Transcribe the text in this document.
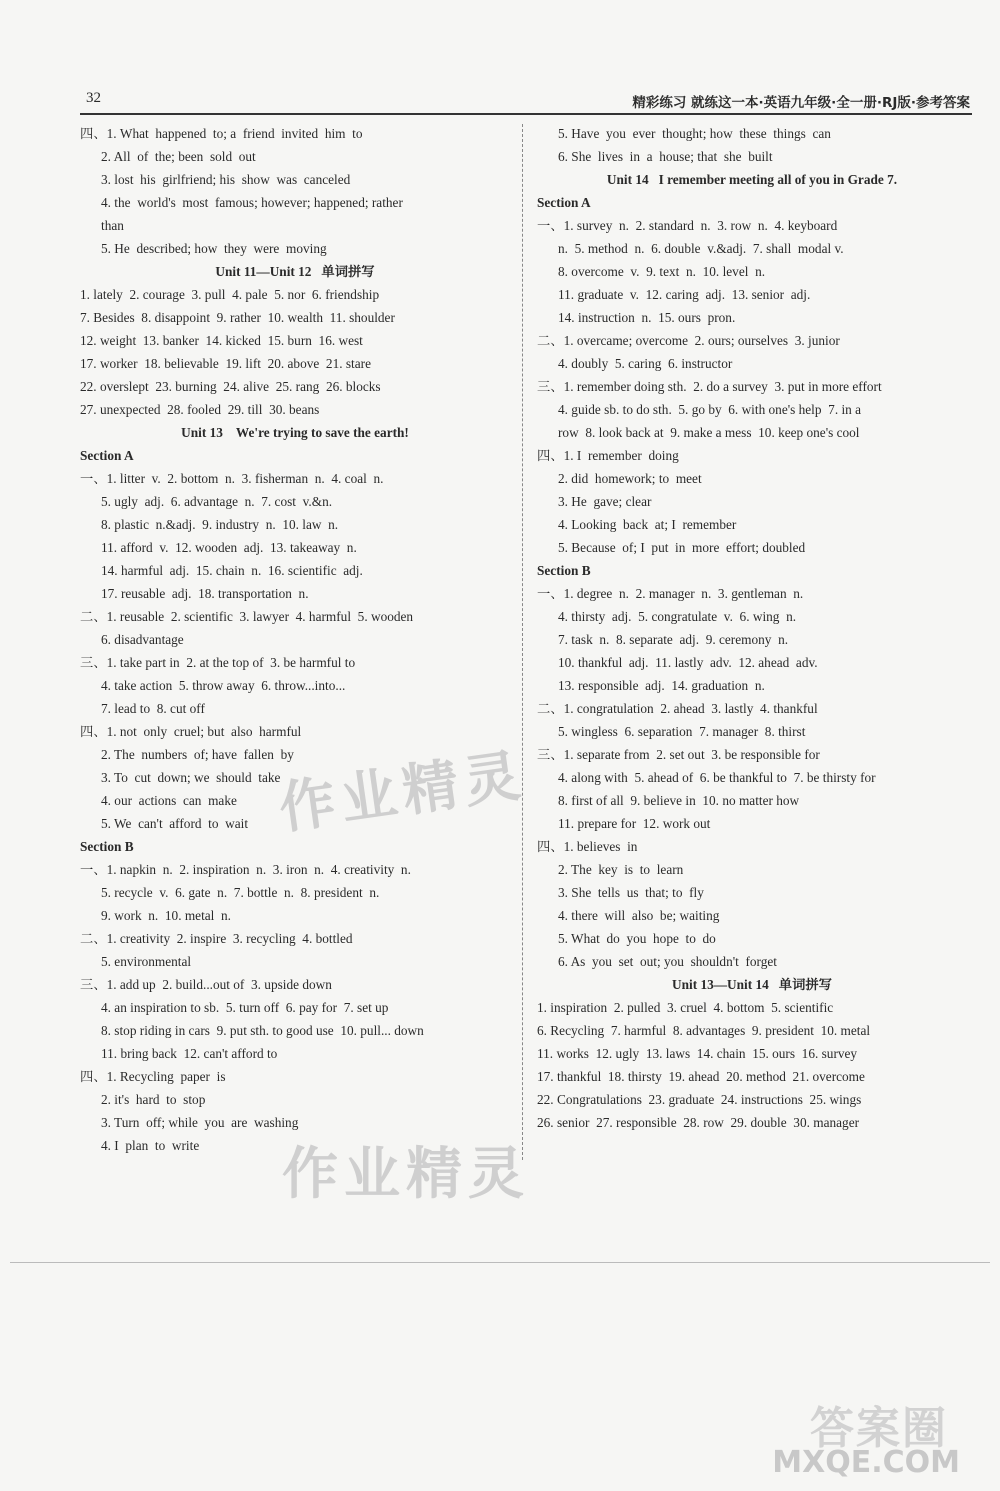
32	精彩练习 就练这一本·英语九年级·全一册·RJ版·参考答案
四、1. What  happened  to; a  friend  invited  him  to
2. All  of  the; been  sold  out
3. lost  his  girlfriend; his  show  was  canceled
4. the  world's  most  famous; however; happened; rather
than
5. He  described; how  they  were  moving
Unit 11—Unit 12   单词拼写
1. lately  2. courage  3. pull  4. pale  5. nor  6. friendship
7. Besides  8. disappoint  9. rather  10. wealth  11. shoulder
12. weight  13. banker  14. kicked  15. burn  16. west
17. worker  18. believable  19. lift  20. above  21. stare
22. overslept  23. burning  24. alive  25. rang  26. blocks
27. unexpected  28. fooled  29. till  30. beans
Unit 13    We're trying to save the earth!
Section A
一、1. litter  v.  2. bottom  n.  3. fisherman  n.  4. coal  n.
5. ugly  adj.  6. advantage  n.  7. cost  v.&n.
8. plastic  n.&adj.  9. industry  n.  10. law  n.
11. afford  v.  12. wooden  adj.  13. takeaway  n.
14. harmful  adj.  15. chain  n.  16. scientific  adj.
17. reusable  adj.  18. transportation  n.
二、1. reusable  2. scientific  3. lawyer  4. harmful  5. wooden
6. disadvantage
三、1. take part in  2. at the top of  3. be harmful to
4. take action  5. throw away  6. throw...into...
7. lead to  8. cut off
四、1. not  only  cruel; but  also  harmful
2. The  numbers  of; have  fallen  by
3. To  cut  down; we  should  take
4. our  actions  can  make
5. We  can't  afford  to  wait
Section B
一、1. napkin  n.  2. inspiration  n.  3. iron  n.  4. creativity  n.
5. recycle  v.  6. gate  n.  7. bottle  n.  8. president  n.
9. work  n.  10. metal  n.
二、1. creativity  2. inspire  3. recycling  4. bottled
5. environmental
三、1. add up  2. build...out of  3. upside down
4. an inspiration to sb.  5. turn off  6. pay for  7. set up
8. stop riding in cars  9. put sth. to good use  10. pull... down
11. bring back  12. can't afford to
四、1. Recycling  paper  is
2. it's  hard  to  stop
3. Turn  off; while  you  are  washing
4. I  plan  to  write
5. Have  you  ever  thought; how  these  things  can
6. She  lives  in  a  house; that  she  built
Unit 14   I remember meeting all of you in Grade 7.
Section A
一、1. survey  n.  2. standard  n.  3. row  n.  4. keyboard
n.  5. method  n.  6. double  v.&adj.  7. shall  modal v.
8. overcome  v.  9. text  n.  10. level  n.
11. graduate  v.  12. caring  adj.  13. senior  adj.
14. instruction  n.  15. ours  pron.
二、1. overcame; overcome  2. ours; ourselves  3. junior
4. doubly  5. caring  6. instructor
三、1. remember doing sth.  2. do a survey  3. put in more effort
4. guide sb. to do sth.  5. go by  6. with one's help  7. in a
row  8. look back at  9. make a mess  10. keep one's cool
四、1. I  remember  doing
2. did  homework; to  meet
3. He  gave; clear
4. Looking  back  at; I  remember
5. Because  of; I  put  in  more  effort; doubled
Section B
一、1. degree  n.  2. manager  n.  3. gentleman  n.
4. thirsty  adj.  5. congratulate  v.  6. wing  n.
7. task  n.  8. separate  adj.  9. ceremony  n.
10. thankful  adj.  11. lastly  adv.  12. ahead  adv.
13. responsible  adj.  14. graduation  n.
二、1. congratulation  2. ahead  3. lastly  4. thankful
5. wingless  6. separation  7. manager  8. thirst
三、1. separate from  2. set out  3. be responsible for
4. along with  5. ahead of  6. be thankful to  7. be thirsty for
8. first of all  9. believe in  10. no matter how
11. prepare for  12. work out
四、1. believes  in
2. The  key  is  to  learn
3. She  tells  us  that; to  fly
4. there  will  also  be; waiting
5. What  do  you  hope  to  do
6. As  you  set  out; you  shouldn't  forget
Unit 13—Unit 14   单词拼写
1. inspiration  2. pulled  3. cruel  4. bottom  5. scientific
6. Recycling  7. harmful  8. advantages  9. president  10. metal
11. works  12. ugly  13. laws  14. chain  15. ours  16. survey
17. thankful  18. thirsty  19. ahead  20. method  21. overcome
22. Congratulations  23. graduate  24. instructions  25. wings
26. senior  27. responsible  28. row  29. double  30. manager
作业精灵
作业精灵
答案圈
MXQE.COM
